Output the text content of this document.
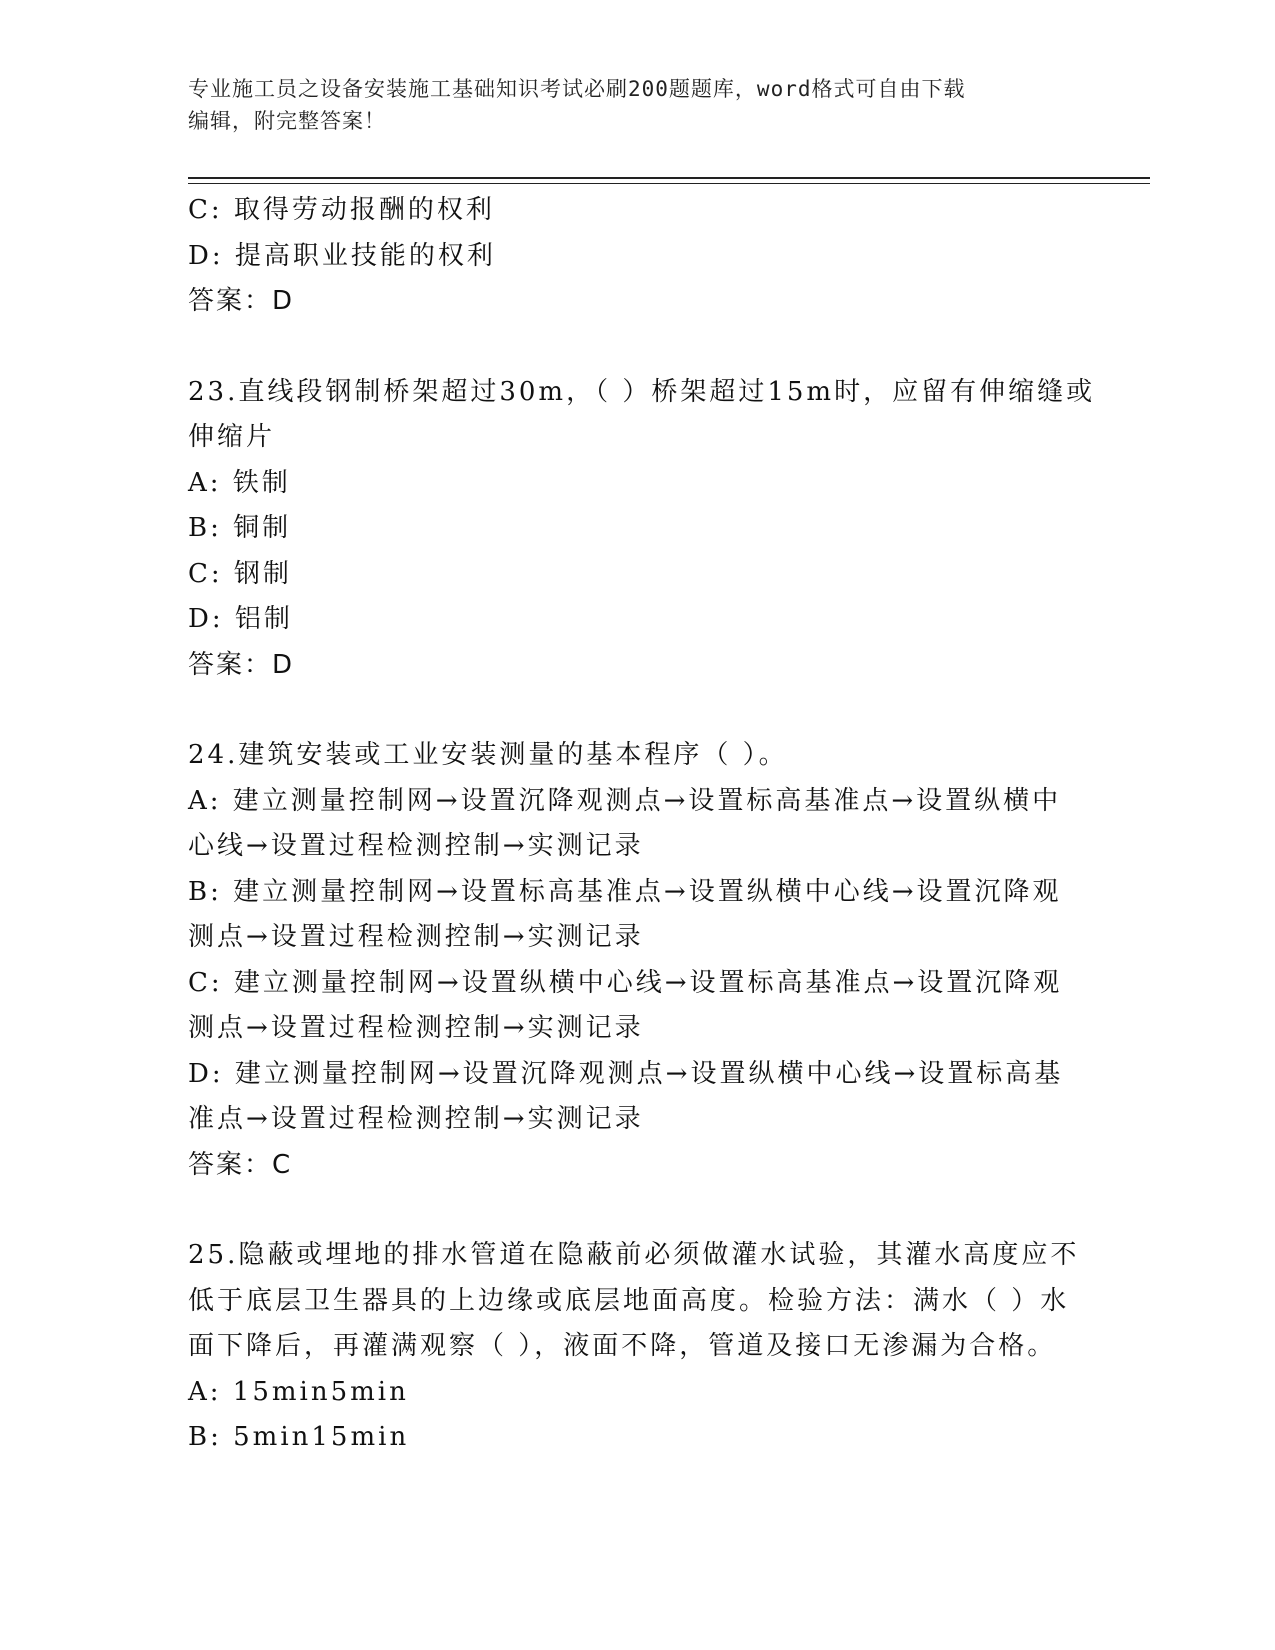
专业施工员之设备安装施工基础知识考试必刷200题题库，word格式可自由下载
编辑，附完整答案！
C: 取得劳动报酬的权利
D: 提高职业技能的权利
答案：D
23.直线段钢制桥架超过30m，（ ）桥架超过15m时，应留有伸缩缝或
伸缩片
A: 铁制
B: 铜制
C: 钢制
D: 铝制
答案：D
24.建筑安装或工业安装测量的基本程序（ ）。
A: 建立测量控制网→设置沉降观测点→设置标高基准点→设置纵横中
心线→设置过程检测控制→实测记录
B: 建立测量控制网→设置标高基准点→设置纵横中心线→设置沉降观
测点→设置过程检测控制→实测记录
C: 建立测量控制网→设置纵横中心线→设置标高基准点→设置沉降观
测点→设置过程检测控制→实测记录
D: 建立测量控制网→设置沉降观测点→设置纵横中心线→设置标高基
准点→设置过程检测控制→实测记录
答案：C
25.隐蔽或埋地的排水管道在隐蔽前必须做灌水试验，其灌水高度应不
低于底层卫生器具的上边缘或底层地面高度。检验方法：满水（ ）水
面下降后，再灌满观察（ ），液面不降，管道及接口无渗漏为合格。
A: 15min5min
B: 5min15min
